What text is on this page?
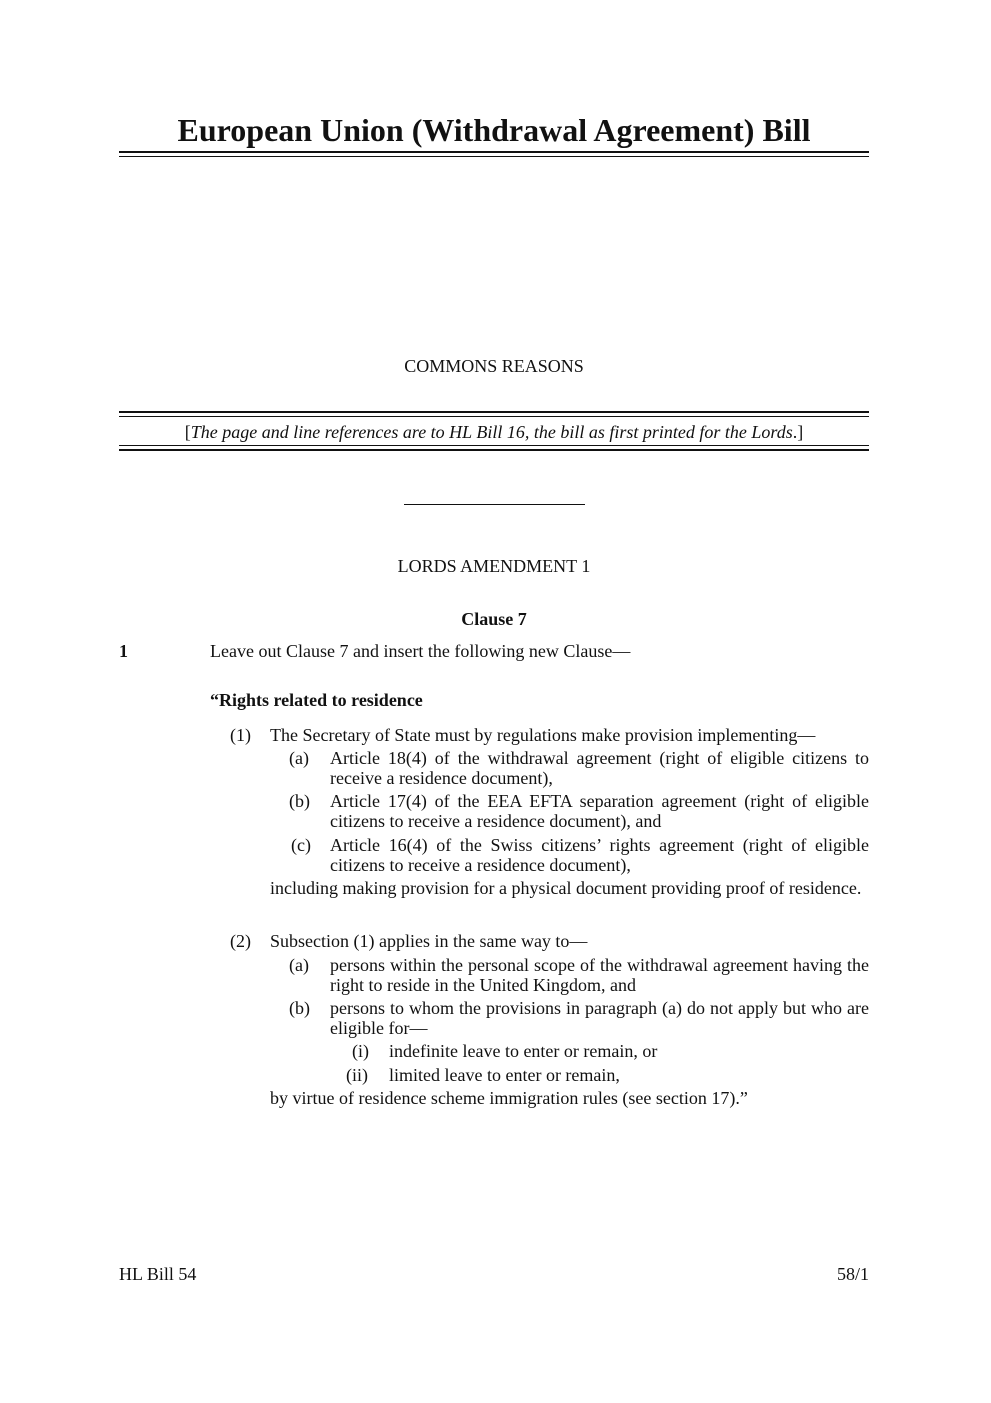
European Union (Withdrawal Agreement) Bill
COMMONS REASONS
[The page and line references are to HL Bill 16, the bill as first printed for the Lords.]
LORDS AMENDMENT 1
Clause 7
1	Leave out Clause 7 and insert the following new Clause—
“Rights related to residence
(1) The Secretary of State must by regulations make provision implementing—
(a) Article 18(4) of the withdrawal agreement (right of eligible citizens to receive a residence document),
(b) Article 17(4) of the EEA EFTA separation agreement (right of eligible citizens to receive a residence document), and
(c) Article 16(4) of the Swiss citizens’ rights agreement (right of eligible citizens to receive a residence document),
including making provision for a physical document providing proof of residence.
(2) Subsection (1) applies in the same way to—
(a) persons within the personal scope of the withdrawal agreement having the right to reside in the United Kingdom, and
(b) persons to whom the provisions in paragraph (a) do not apply but who are eligible for—
(i) indefinite leave to enter or remain, or
(ii) limited leave to enter or remain,
by virtue of residence scheme immigration rules (see section 17).”
HL Bill 54	58/1
